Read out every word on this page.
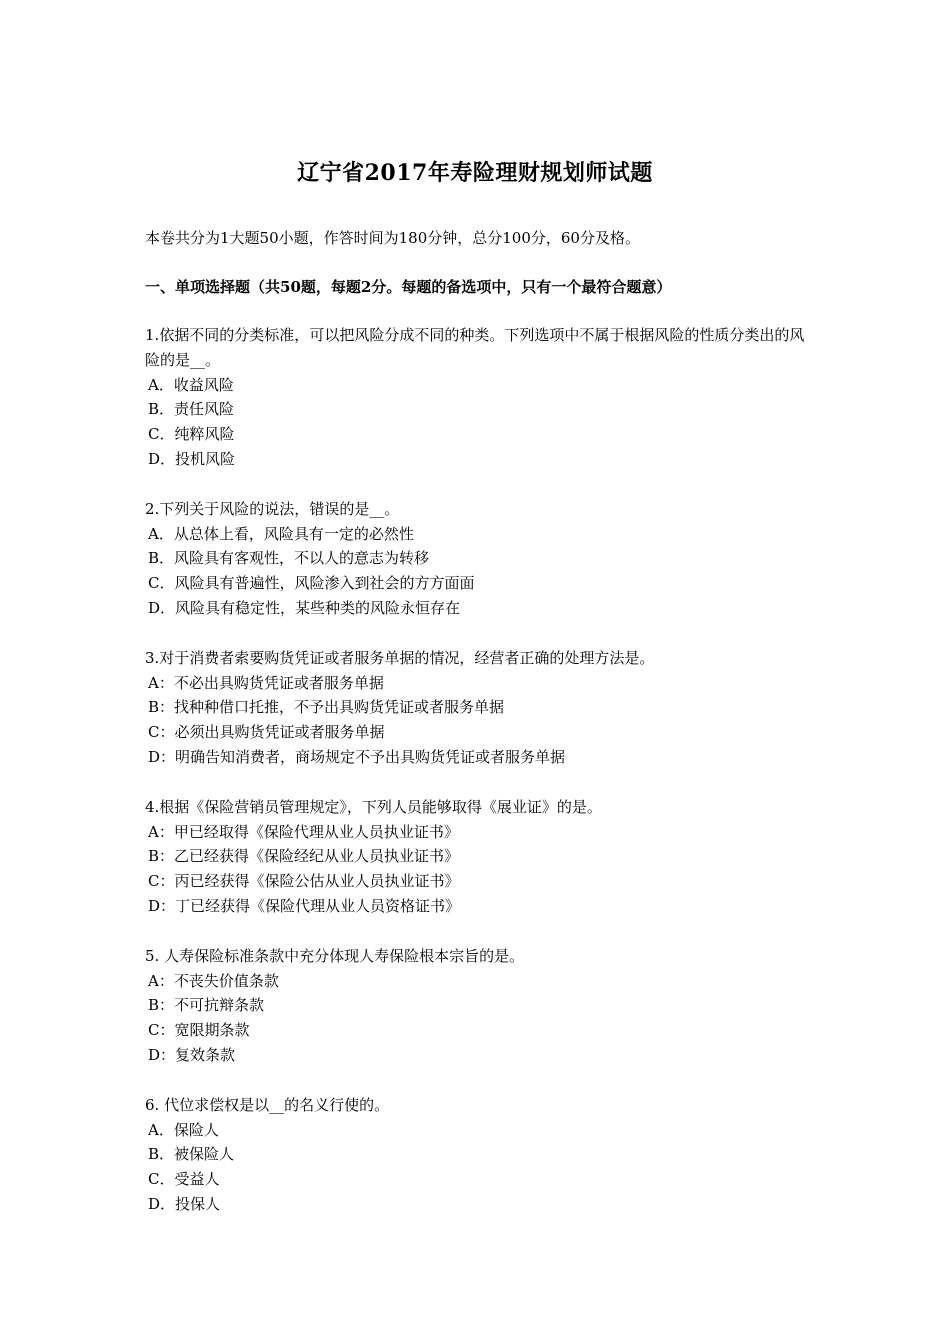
辽宁省2017年寿险理财规划师试题
本卷共分为1大题50小题，作答时间为180分钟，总分100分，60分及格。
一、单项选择题（共50题，每题2分。每题的备选项中，只有一个最符合题意）

1.依据不同的分类标准，可以把风险分成不同的种类。下列选项中不属于根据风险的性质分类出的风险的是__。

A．收益风险

B．责任风险

C．纯粹风险

D．投机风险

2.下列关于风险的说法，错误的是__。

A．从总体上看，风险具有一定的必然性

B．风险具有客观性，不以人的意志为转移

C．风险具有普遍性，风险渗入到社会的方方面面

D．风险具有稳定性，某些种类的风险永恒存在

3.对于消费者索要购货凭证或者服务单据的情况，经营者正确的处理方法是。

A：不必出具购货凭证或者服务单据

B：找种种借口托推，不予出具购货凭证或者服务单据

C：必须出具购货凭证或者服务单据

D：明确告知消费者，商场规定不予出具购货凭证或者服务单据

4.根据《保险营销员管理规定》，下列人员能够取得《展业证》的是。

A：甲已经取得《保险代理从业人员执业证书》

B：乙已经获得《保险经纪从业人员执业证书》

C：丙已经获得《保险公估从业人员执业证书》

D：丁已经获得《保险代理从业人员资格证书》

5. 人寿保险标准条款中充分体现人寿保险根本宗旨的是。

A：不丧失价值条款

B：不可抗辩条款

C：宽限期条款

D：复效条款

6. 代位求偿权是以__的名义行使的。

A．保险人

B．被保险人

C．受益人

D．投保人
